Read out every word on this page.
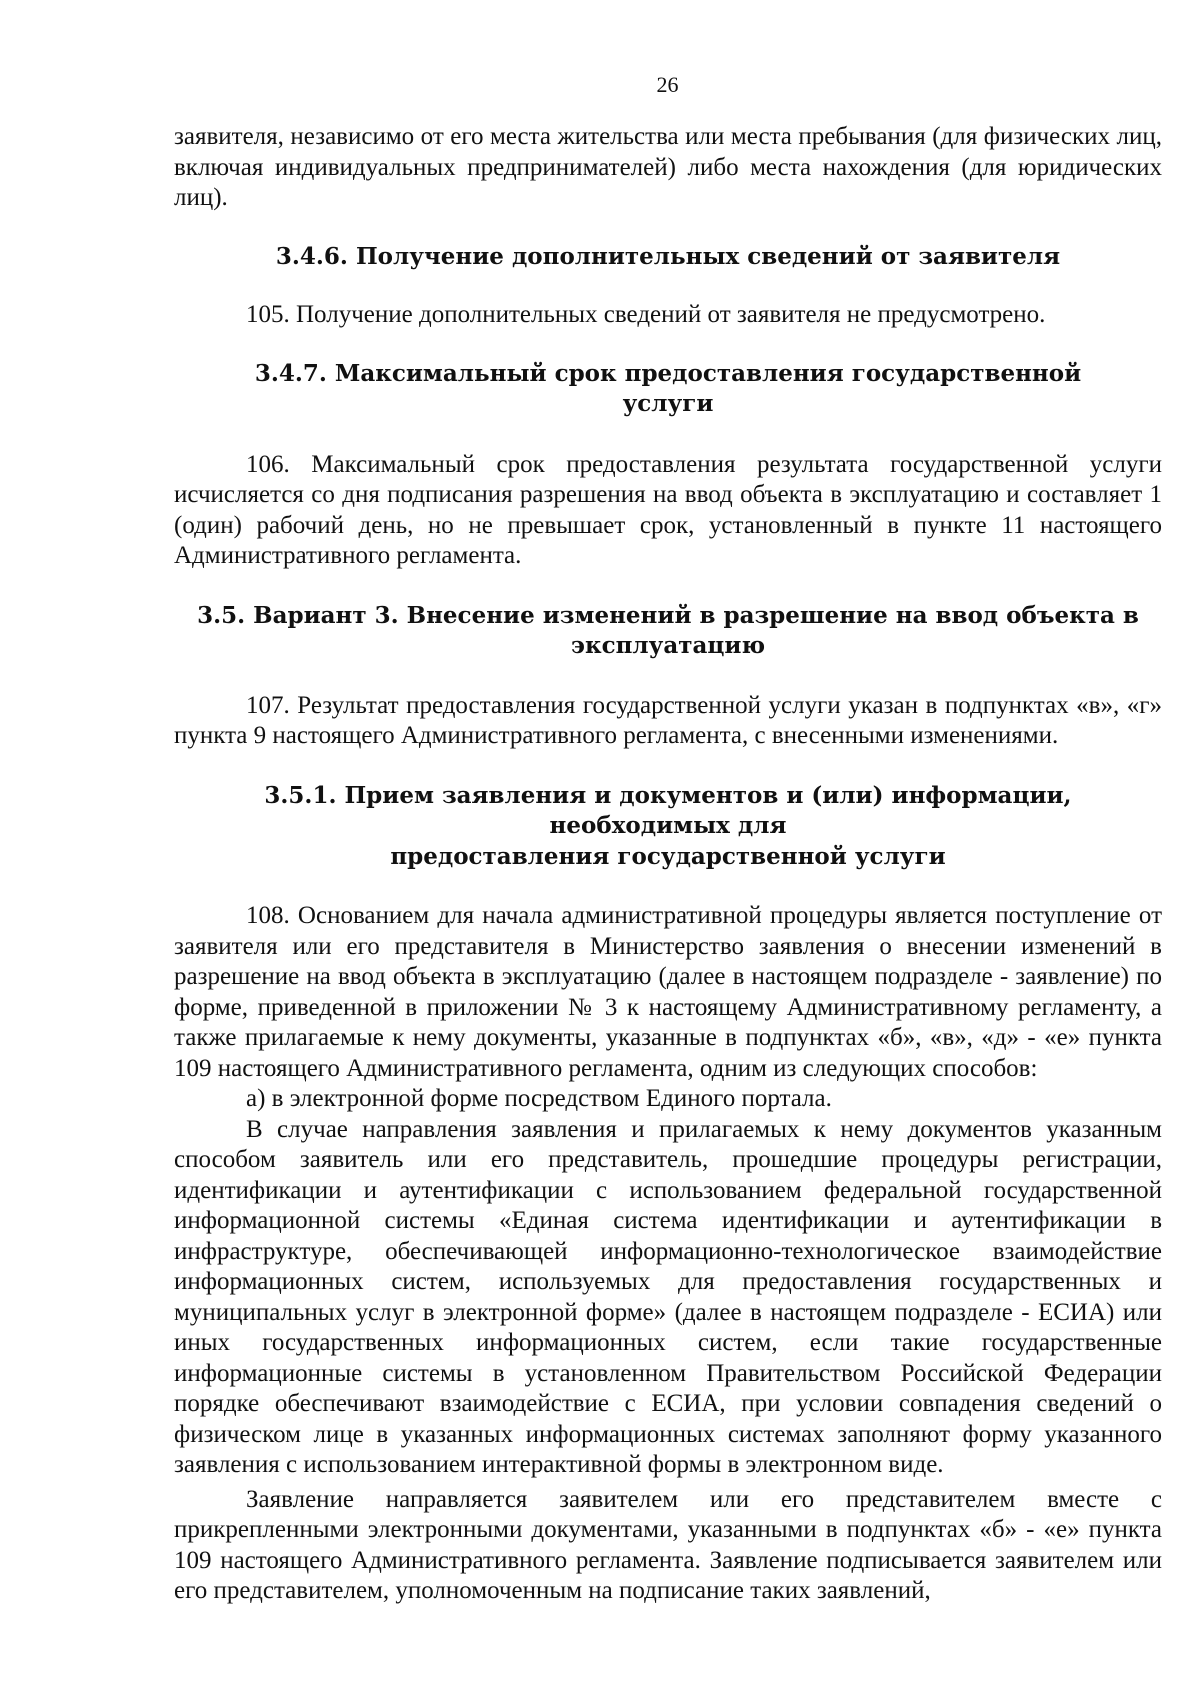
26

заявителя, независимо от его места жительства или места пребывания (для физических лиц, включая индивидуальных предпринимателей) либо места нахождения (для юридических лиц).

3.4.6. Получение дополнительных сведений от заявителя

105. Получение дополнительных сведений от заявителя не предусмотрено.

3.4.7. Максимальный срок предоставления государственной
услуги

106. Максимальный срок предоставления результата государственной услуги исчисляется со дня подписания разрешения на ввод объекта в эксплуатацию и составляет 1 (один) рабочий день, но не превышает срок, установленный в пункте 11 настоящего Административного регламента.

3.5. Вариант 3. Внесение изменений в разрешение на ввод объекта в эксплуатацию

107. Результат предоставления государственной услуги указан в подпунктах «в», «г» пункта 9 настоящего Административного регламента, с внесенными изменениями.

3.5.1. Прием заявления и документов и (или) информации, необходимых для
предоставления государственной услуги

108. Основанием для начала административной процедуры является поступление от заявителя или его представителя в Министерство заявления о внесении изменений в разрешение на ввод объекта в эксплуатацию (далее в настоящем подразделе - заявление) по форме, приведенной в приложении № 3 к настоящему Административному регламенту, а также прилагаемые к нему документы, указанные в подпунктах «б», «в», «д» - «е» пункта 109 настоящего Административного регламента, одним из следующих способов:

а) в электронной форме посредством Единого портала.

В случае направления заявления и прилагаемых к нему документов указанным способом заявитель или его представитель, прошедшие процедуры регистрации, идентификации и аутентификации с использованием федеральной государственной информационной системы «Единая система идентификации и аутентификации в инфраструктуре, обеспечивающей информационно-технологическое взаимодействие информационных систем, используемых для предоставления государственных и муниципальных услуг в электронной форме» (далее в настоящем подразделе - ЕСИА) или иных государственных информационных систем, если такие государственные информационные системы в установленном Правительством Российской Федерации порядке обеспечивают взаимодействие с ЕСИА, при условии совпадения сведений о физическом лице в указанных информационных системах заполняют форму указанного заявления с использованием интерактивной формы в электронном виде.

Заявление направляется заявителем или его представителем вместе с прикрепленными электронными документами, указанными в подпунктах «б» - «е» пункта 109 настоящего Административного регламента. Заявление подписывается заявителем или его представителем, уполномоченным на подписание таких заявлений,
